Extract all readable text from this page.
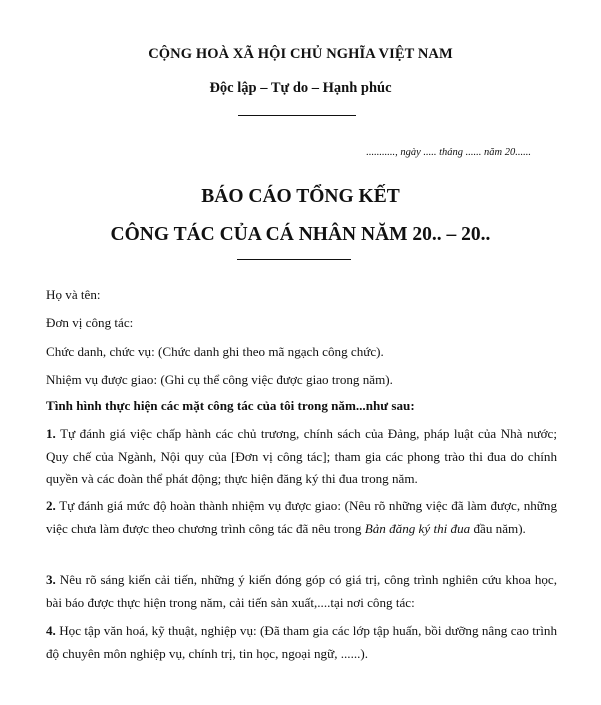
CỘNG HOÀ XÃ HỘI CHỦ NGHĨA VIỆT NAM
Độc lập – Tự do – Hạnh phúc
..........., ngày ..... tháng ...... năm 20......
BÁO CÁO TỔNG KẾT
CÔNG TÁC CỦA CÁ NHÂN NĂM 20.. – 20..
Họ và tên:
Đơn vị công tác:
Chức danh, chức vụ: (Chức danh ghi theo mã ngạch công chức).
Nhiệm vụ được giao: (Ghi cụ thể công việc được giao trong năm).
Tình hình thực hiện các mặt công tác của tôi trong năm...như sau:
1. Tự đánh giá việc chấp hành các chủ trương, chính sách của Đảng, pháp luật của Nhà nước; Quy chế của Ngành, Nội quy của [Đơn vị công tác]; tham gia các phong trào thi đua do chính quyền và các đoàn thể phát động; thực hiện đăng ký thi đua trong năm.
2. Tự đánh giá mức độ hoàn thành nhiệm vụ được giao: (Nêu rõ những việc đã làm được, những việc chưa làm được theo chương trình công tác đã nêu trong Bản đăng ký thi đua đầu năm).
3. Nêu rõ sáng kiến cải tiến, những ý kiến đóng góp có giá trị, công trình nghiên cứu khoa học, bài báo được thực hiện trong năm, cải tiến sản xuất,....tại nơi công tác:
4. Học tập văn hoá, kỹ thuật, nghiệp vụ: (Đã tham gia các lớp tập huấn, bồi dưỡng nâng cao trình độ chuyên môn nghiệp vụ, chính trị, tin học, ngoại ngữ, ......).
